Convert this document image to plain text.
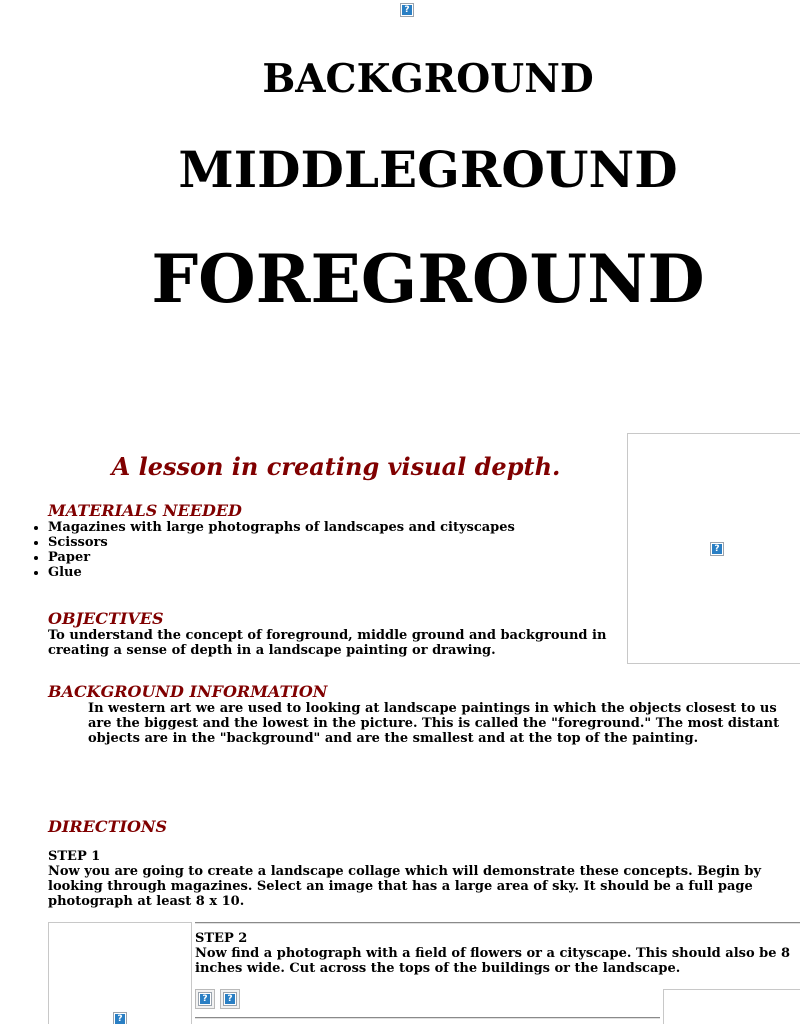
?
BACKGROUND
MIDDLEGROUND
FOREGROUND
?
A lesson in creating visual depth.
MATERIALS NEEDED
• Magazines with large photographs of landscapes and cityscapes
• Scissors
• Paper
• Glue
OBJECTIVES
To understand the concept of foreground, middle ground and background in creating a sense of depth in a landscape painting or drawing.
BACKGROUND INFORMATION
In western art we are used to looking at landscape paintings in which the objects closest to us are the biggest and the lowest in the picture. This is called the "foreground." The most distant objects are in the "background" and are the smallest and at the top of the painting.
DIRECTIONS
STEP 1
Now you are going to create a landscape collage which will demonstrate these concepts. Begin by looking through magazines. Select an image that has a large area of sky. It should be a full page photograph at least 8 x 10.
?
STEP 2
Now find a photograph with a field of flowers or a cityscape. This should also be 8 inches wide. Cut across the tops of the buildings or the landscape.
? ?
